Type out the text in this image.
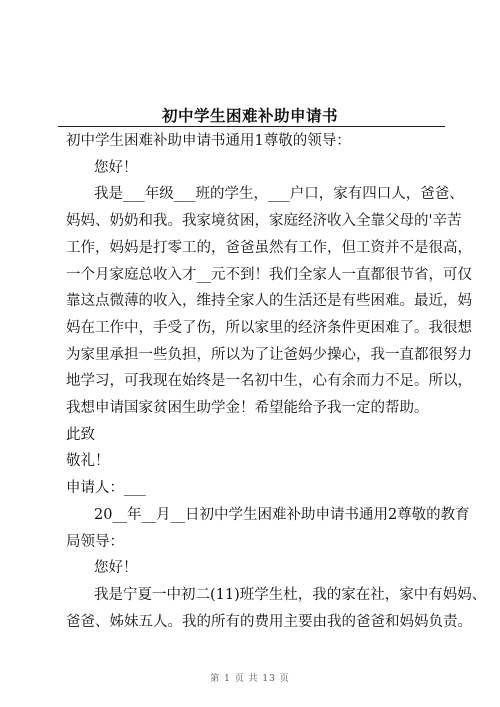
初中学生困难补助申请书
初中学生困难补助申请书通用1尊敬的领导：
您好！
我是___年级___班的学生，___户口，家有四口人，爸爸、
妈妈、奶奶和我。我家境贫困，家庭经济收入全靠父母的'辛苦
工作，妈妈是打零工的，爸爸虽然有工作，但工资并不是很高，
一个月家庭总收入才__元不到！我们全家人一直都很节省，可仅
靠这点微薄的收入，维持全家人的生活还是有些困难。最近，妈
妈在工作中，手受了伤，所以家里的经济条件更困难了。我很想
为家里承担一些负担，所以为了让爸妈少操心，我一直都很努力
地学习，可我现在始终是一名初中生，心有余而力不足。所以，
我想申请国家贫困生助学金！希望能给予我一定的帮助。
此致
敬礼！
申请人：___
20__年__月__日初中学生困难补助申请书通用2尊敬的教育
局领导：
您好！
我是宁夏一中初二(11)班学生杜，我的家在社，家中有妈妈、
爸爸、姊妹五人。我的所有的费用主要由我的爸爸和妈妈负责。
第 1 页 共 13 页
